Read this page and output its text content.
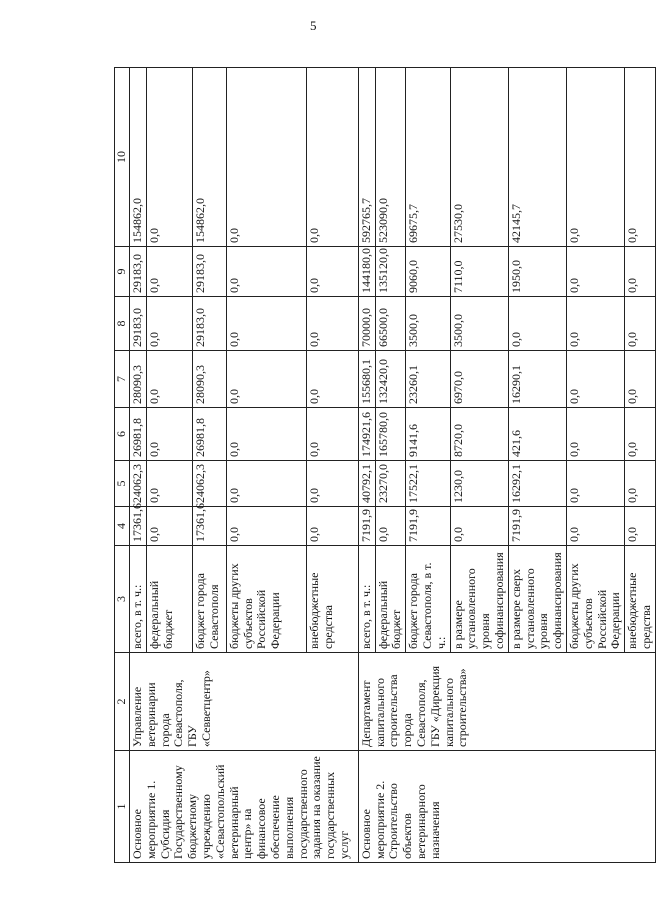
5
1	2	3	4	5	6	7	8	9	10
Основное мероприятие 1. Субсидия Государственному бюджетному учреждению «Севастопольский ветеринарный центр» на финансовое обеспечение выполнения государственного задания на оказание государственных услуг	Управление ветеринарии города Севастополя, ГБУ «Севветцентр»	всего, в т. ч.:	17361,6	24062,3	26981,8	28090,3	29183,0	29183,0	154862,0
		федеральный бюджет	0,0	0,0	0,0	0,0	0,0	0,0	0,0
		бюджет города Севастополя	17361,6	24062,3	26981,8	28090,3	29183,0	29183,0	154862,0
		бюджеты других субъектов Российской Федерации	0,0	0,0	0,0	0,0	0,0	0,0	0,0
		внебюджетные средства	0,0	0,0	0,0	0,0	0,0	0,0	0,0
Основное мероприятие 2. Строительство объектов ветеринарного назначения	Департамент капитального строительства города Севастополя, ГБУ «Дирекция капитального строительства»	всего, в т. ч.:	7191,9	40792,1	174921,6	155680,1	70000,0	144180,0	592765,7
		федеральный бюджет	0,0	23270,0	165780,0	132420,0	66500,0	135120,0	523090,0
		бюджет города Севастополя, в т. ч.:	7191,9	17522,1	9141,6	23260,1	3500,0	9060,0	69675,7
		в размере установленного уровня софинансирования	0,0	1230,0	8720,0	6970,0	3500,0	7110,0	27530,0
		в размере сверх установленного уровня софинансирования	7191,9	16292,1	421,6	16290,1	0,0	1950,0	42145,7
		бюджеты других субъектов Российской Федерации	0,0	0,0	0,0	0,0	0,0	0,0	0,0
		внебюджетные средства	0,0	0,0	0,0	0,0	0,0	0,0	0,0
